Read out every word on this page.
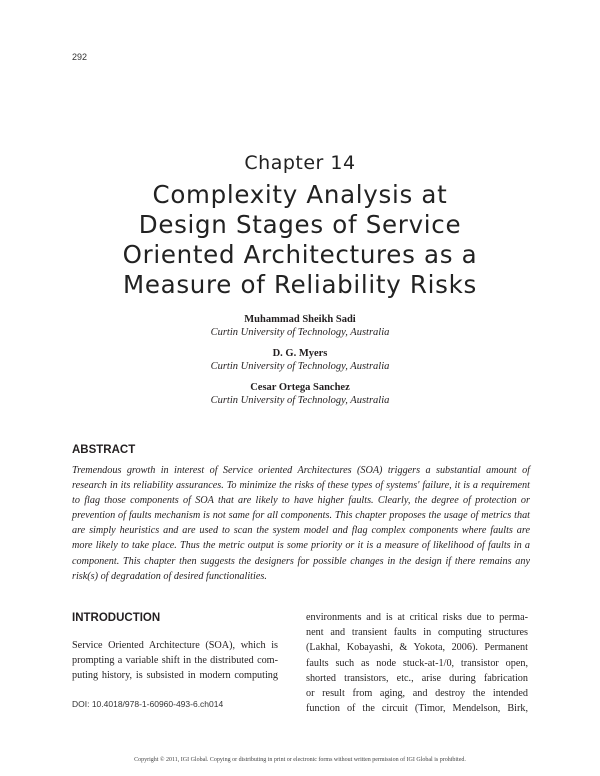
292
Chapter 14
Complexity Analysis at
Design Stages of Service
Oriented Architectures as a
Measure of Reliability Risks
Muhammad Sheikh Sadi
Curtin University of Technology, Australia
D. G. Myers
Curtin University of Technology, Australia
Cesar Ortega Sanchez
Curtin University of Technology, Australia
ABSTRACT
Tremendous growth in interest of Service oriented Architectures (SOA) triggers a substantial amount of research in its reliability assurances. To minimize the risks of these types of systems' failure, it is a requirement to flag those components of SOA that are likely to have higher faults. Clearly, the degree of protection or prevention of faults mechanism is not same for all components. This chapter proposes the usage of metrics that are simply heuristics and are used to scan the system model and flag complex components where faults are more likely to take place. Thus the metric output is some priority or it is a measure of likelihood of faults in a component. This chapter then suggests the designers for possible changes in the design if there remains any risk(s) of degradation of desired functionalities.
INTRODUCTION
Service Oriented Architecture (SOA), which is
prompting a variable shift in the distributed com-
puting history, is subsisted in modern computing
environments and is at critical risks due to perma-
nent and transient faults in computing structures
(Lakhal, Kobayashi, & Yokota, 2006). Permanent
faults such as node stuck-at-1/0, transistor open,
shorted transistors, etc., arise during fabrication
or result from aging, and destroy the intended
function of the circuit (Timor, Mendelson, Birk,
DOI: 10.4018/978-1-60960-493-6.ch014
Copyright © 2011, IGI Global. Copying or distributing in print or electronic forms without written permission of IGI Global is prohibited.
